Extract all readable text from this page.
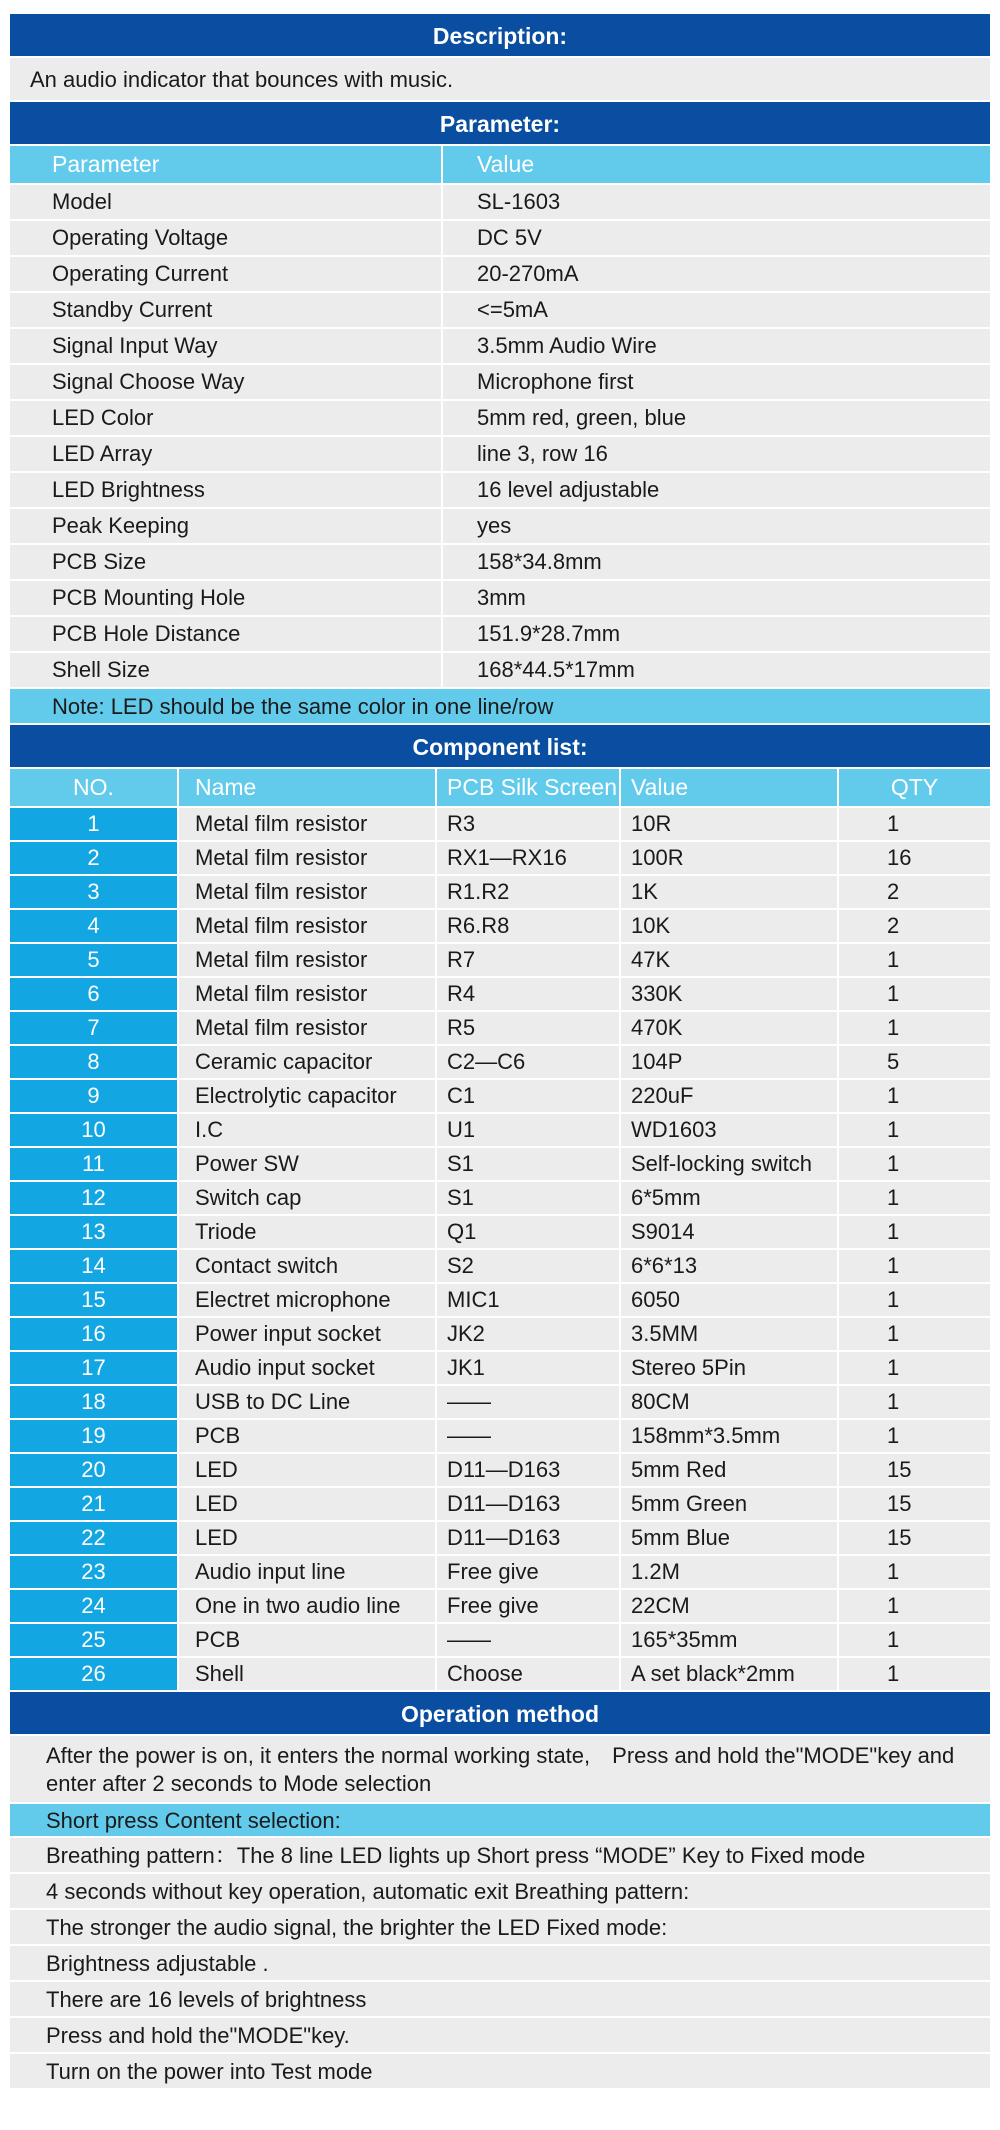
Description:
An audio indicator that bounces with music.
Parameter:
Parameter	Value
Model	SL-1603
Operating Voltage	DC 5V
Operating Current	20-270mA
Standby Current	<=5mA
Signal Input Way	3.5mm Audio Wire
Signal Choose Way	Microphone first
LED Color	5mm red, green, blue
LED Array	line 3, row 16
LED Brightness	16 level adjustable
Peak Keeping	yes
PCB Size	158*34.8mm
PCB Mounting Hole	3mm
PCB Hole Distance	151.9*28.7mm
Shell Size	168*44.5*17mm
Note: LED should be the same color in one line/row
Component list:
NO.	Name	PCB Silk Screen	Value	QTY
1	Metal film resistor	R3	10R	1
2	Metal film resistor	RX1—RX16	100R	16
3	Metal film resistor	R1.R2	1K	2
4	Metal film resistor	R6.R8	10K	2
5	Metal film resistor	R7	47K	1
6	Metal film resistor	R4	330K	1
7	Metal film resistor	R5	470K	1
8	Ceramic capacitor	C2—C6	104P	5
9	Electrolytic capacitor	C1	220uF	1
10	I.C	U1	WD1603	1
11	Power SW	S1	Self-locking switch	1
12	Switch cap	S1	6*5mm	1
13	Triode	Q1	S9014	1
14	Contact switch	S2	6*6*13	1
15	Electret microphone	MIC1	6050	1
16	Power input socket	JK2	3.5MM	1
17	Audio input socket	JK1	Stereo 5Pin	1
18	USB to DC Line	——	80CM	1
19	PCB	——	158mm*3.5mm	1
20	LED	D11—D163	5mm Red	15
21	LED	D11—D163	5mm Green	15
22	LED	D11—D163	5mm Blue	15
23	Audio input line	Free give	1.2M	1
24	One in two audio line	Free give	22CM	1
25	PCB	——	165*35mm	1
26	Shell	Choose	A set black*2mm	1
Operation method
After the power is on, it enters the normal working state,　Press and hold the"MODE"key and enter after 2 seconds to Mode selection
Short press Content selection:
Breathing pattern：The 8 line LED lights up Short press “MODE” Key to Fixed mode
4 seconds without key operation, automatic exit Breathing pattern:
The stronger the audio signal, the brighter the LED Fixed mode:
Brightness adjustable .
There are 16 levels of brightness
Press and hold the"MODE"key.
Turn on the power into Test mode
